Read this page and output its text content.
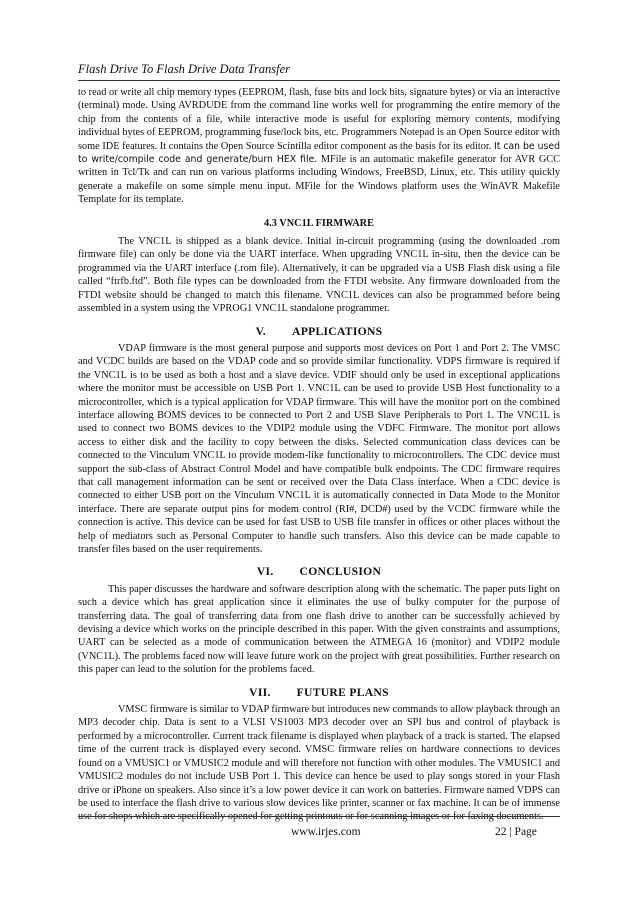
Flash Drive To Flash Drive Data Transfer

to read or write all chip memory types (EEPROM, flash, fuse bits and lock bits, signature bytes) or via an interactive (terminal) mode. Using AVRDUDE from the command line works well for programming the entire memory of the chip from the contents of a file, while interactive mode is useful for exploring memory contents, modifying individual bytes of EEPROM, programming fuse/lock bits, etc. Programmers Notepad is an Open Source editor with some IDE features. It contains the Open Source Scintilla editor component as the basis for its editor. It can be used to write/compile code and generate/burn HEX file. MFile is an automatic makefile generator for AVR GCC written in Tcl/Tk and can run on various platforms including Windows, FreeBSD, Linux, etc. This utility quickly generate a makefile on some simple menu input. MFile for the Windows platform uses the WinAVR Makefile Template for its template.

4.3 VNC1L FIRMWARE

The VNC1L is shipped as a blank device. Initial in-circuit programming (using the downloaded .rom firmware file) can only be done via the UART interface. When upgrading VNC1L in-situ, then the device can be programmed via the UART interface (.rom file). Alternatively, it can be upgraded via a USB Flash disk using a file called “ftrfb.ftd”. Both file types can be downloaded from the FTDI website. Any firmware downloaded from the FTDI website should be changed to match this filename. VNC1L devices can also be programmed before being assembled in a system using the VPROG1 VNC1L standalone programmer.

V. APPLICATIONS

VDAP firmware is the most general purpose and supports most devices on Port 1 and Port 2. The VMSC and VCDC builds are based on the VDAP code and so provide similar functionality. VDPS firmware is required if the VNC1L is to be used as both a host and a slave device. VDIF should only be used in exceptional applications where the monitor must be accessible on USB Port 1. VNC1L can be used to provide USB Host functionality to a microcontroller, which is a typical application for VDAP firmware. This will have the monitor port on the combined interface allowing BOMS devices to be connected to Port 2 and USB Slave Peripherals to Port 1. The VNC1L is used to connect two BOMS devices to the VDIP2 module using the VDFC Firmware. The monitor port allows access to either disk and the facility to copy between the disks. Selected communication class devices can be connected to the Vinculum VNC1L to provide modem-like functionality to microcontrollers. The CDC device must support the sub-class of Abstract Control Model and have compatible bulk endpoints. The CDC firmware requires that call management information can be sent or received over the Data Class interface. When a CDC device is connected to either USB port on the Vinculum VNC1L it is automatically connected in Data Mode to the Monitor interface. There are separate output pins for modem control (RI#, DCD#) used by the VCDC firmware while the connection is active. This device can be used for fast USB to USB file transfer in offices or other places without the help of mediators such as Personal Computer to handle such transfers. Also this device can be made capable to transfer files based on the user requirements.

VI. CONCLUSION

This paper discusses the hardware and software description along with the schematic. The paper puts light on such a device which has great application since it eliminates the use of bulky computer for the purpose of transferring data. The goal of transferring data from one flash drive to another can be successfully achieved by devising a device which works on the principle described in this paper. With the given constraints and assumptions, UART can be selected as a mode of communication between the ATMEGA 16 (monitor) and VDIP2 module (VNC1L). The problems faced now will leave future work on the project with great possibilities. Further research on this paper can lead to the solution for the problems faced.

VII. FUTURE PLANS

VMSC firmware is similar to VDAP firmware but introduces new commands to allow playback through an MP3 decoder chip. Data is sent to a VLSI VS1003 MP3 decoder over an SPI bus and control of playback is performed by a microcontroller. Current track filename is displayed when playback of a track is started. The elapsed time of the current track is displayed every second. VMSC firmware relies on hardware connections to devices found on a VMUSIC1 or VMUSIC2 module and will therefore not function with other modules. The VMUSIC1 and VMUSIC2 modules do not include USB Port 1. This device can hence be used to play songs stored in your Flash drive or iPhone on speakers. Also since it’s a low power device it can work on batteries. Firmware named VDPS can be used to interface the flash drive to various slow devices like printer, scanner or fax machine. It can be of immense use for shops which are specifically opened for getting printouts or for scanning images or for faxing documents.

www.irjes.com	22 | Page
